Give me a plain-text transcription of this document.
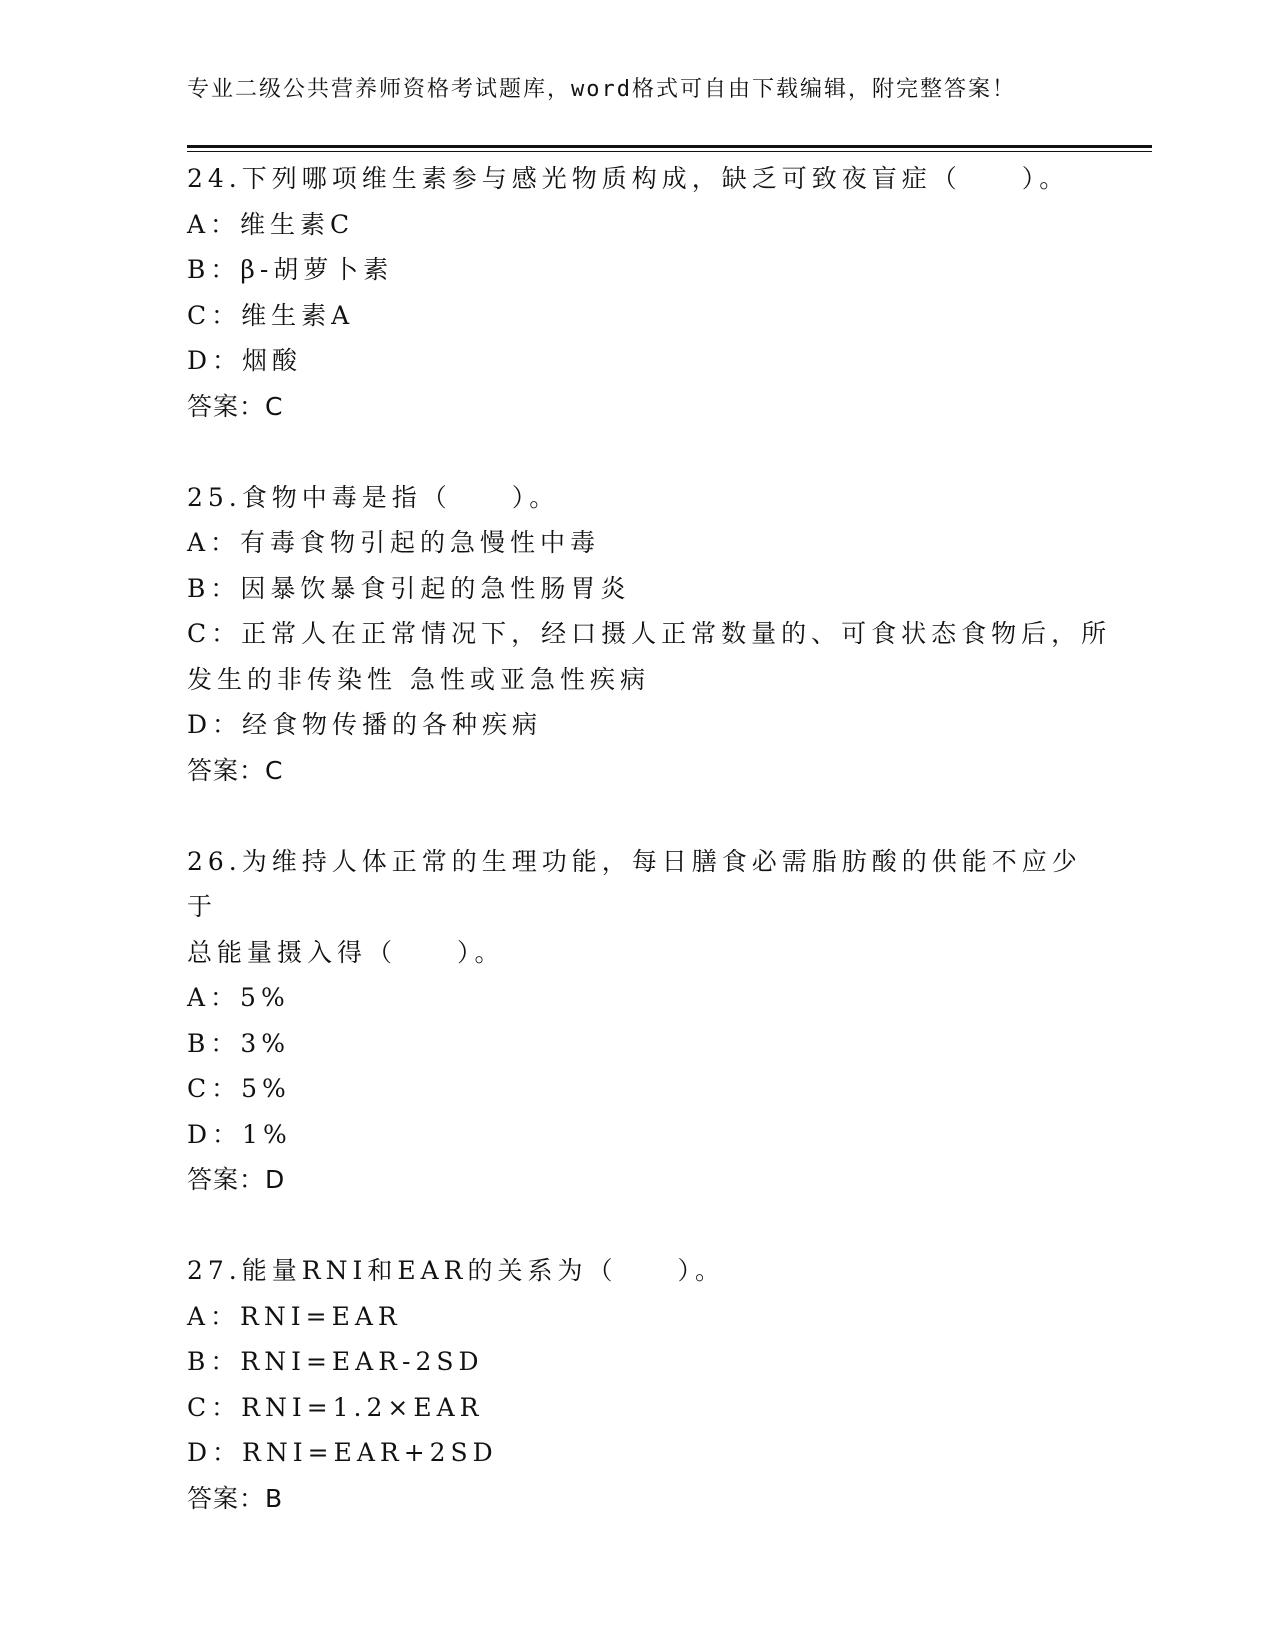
专业二级公共营养师资格考试题库，word格式可自由下载编辑，附完整答案！
24.下列哪项维生素参与感光物质构成，缺乏可致夜盲症（　　）。
A：维生素C
B：β-胡萝卜素
C：维生素A
D：烟酸
答案：C
25.食物中毒是指（　　）。
A：有毒食物引起的急慢性中毒
B：因暴饮暴食引起的急性肠胃炎
C：正常人在正常情况下，经口摄人正常数量的、可食状态食物后，所
发生的非传染性 急性或亚急性疾病
D：经食物传播的各种疾病
答案：C
26.为维持人体正常的生理功能，每日膳食必需脂肪酸的供能不应少于
总能量摄入得（　　）。
A：5%
B：3%
C：5%
D：1%
答案：D
27.能量RNI和EAR的关系为（　　）。
A：RNI=EAR
B：RNI=EAR-2SD
C：RNI=1.2×EAR
D：RNI=EAR+2SD
答案：B
